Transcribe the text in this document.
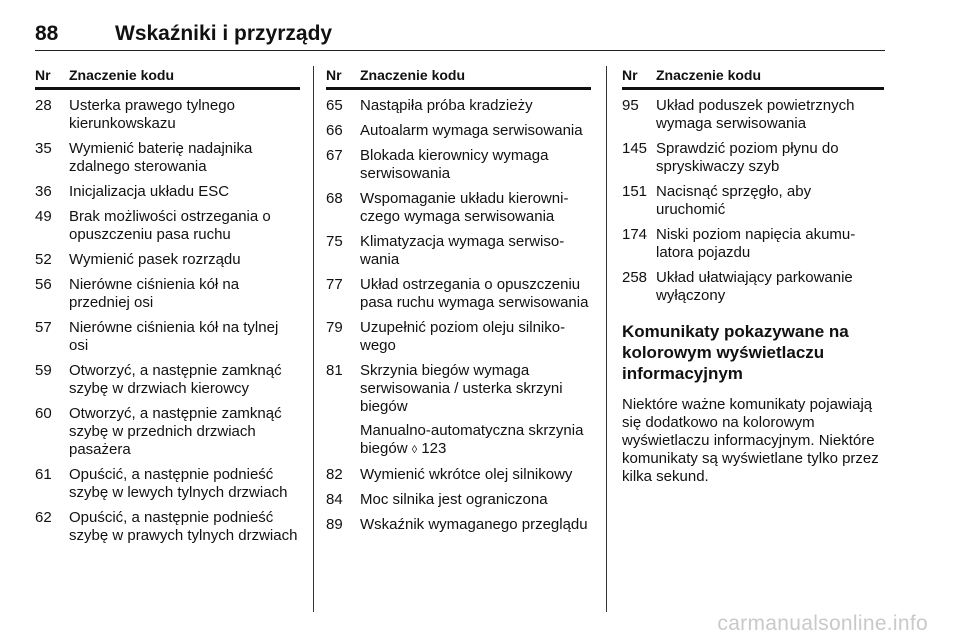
88	Wskaźniki i przyrządy
Nr	Znaczenie kodu
28	Usterka prawego tylnego kierunkowskazu
35	Wymienić baterię nadajnika zdalnego sterowania
36	Inicjalizacja układu ESC
49	Brak możliwości ostrzegania o opuszczeniu pasa ruchu
52	Wymienić pasek rozrządu
56	Nierówne ciśnienia kół na przedniej osi
57	Nierówne ciśnienia kół na tylnej osi
59	Otworzyć, a następnie zamknąć szybę w drzwiach kierowcy
60	Otworzyć, a następnie zamknąć szybę w przednich drzwiach pasażera
61	Opuścić, a następnie podnieść szybę w lewych tylnych drzwiach
62	Opuścić, a następnie podnieść szybę w prawych tylnych drzwiach
Nr	Znaczenie kodu
65	Nastąpiła próba kradzieży
66	Autoalarm wymaga serwisowania
67	Blokada kierownicy wymaga serwisowania
68	Wspomaganie układu kierowniczego wymaga serwisowania
75	Klimatyzacja wymaga serwisowania
77	Układ ostrzegania o opuszczeniu pasa ruchu wymaga serwisowania
79	Uzupełnić poziom oleju silnikowego
81	Skrzynia biegów wymaga serwisowania / usterka skrzyni biegów
Manualno-automatyczna skrzynia biegów ◊ 123
82	Wymienić wkrótce olej silnikowy
84	Moc silnika jest ograniczona
89	Wskaźnik wymaganego przeglądu
Nr	Znaczenie kodu
95	Układ poduszek powietrznych wymaga serwisowania
145 Sprawdzić poziom płynu do spryskiwaczy szyb
151 Nacisnąć sprzęgło, aby uruchomić
174 Niski poziom napięcia akumulatora pojazdu
258 Układ ułatwiający parkowanie wyłączony
Komunikaty pokazywane na kolorowym wyświetlaczu informacyjnym
Niektóre ważne komunikaty pojawiają się dodatkowo na kolorowym wyświetlaczu informacyjnym. Niektóre komunikaty są wyświetlane tylko przez kilka sekund.
carmanualsonline.info
